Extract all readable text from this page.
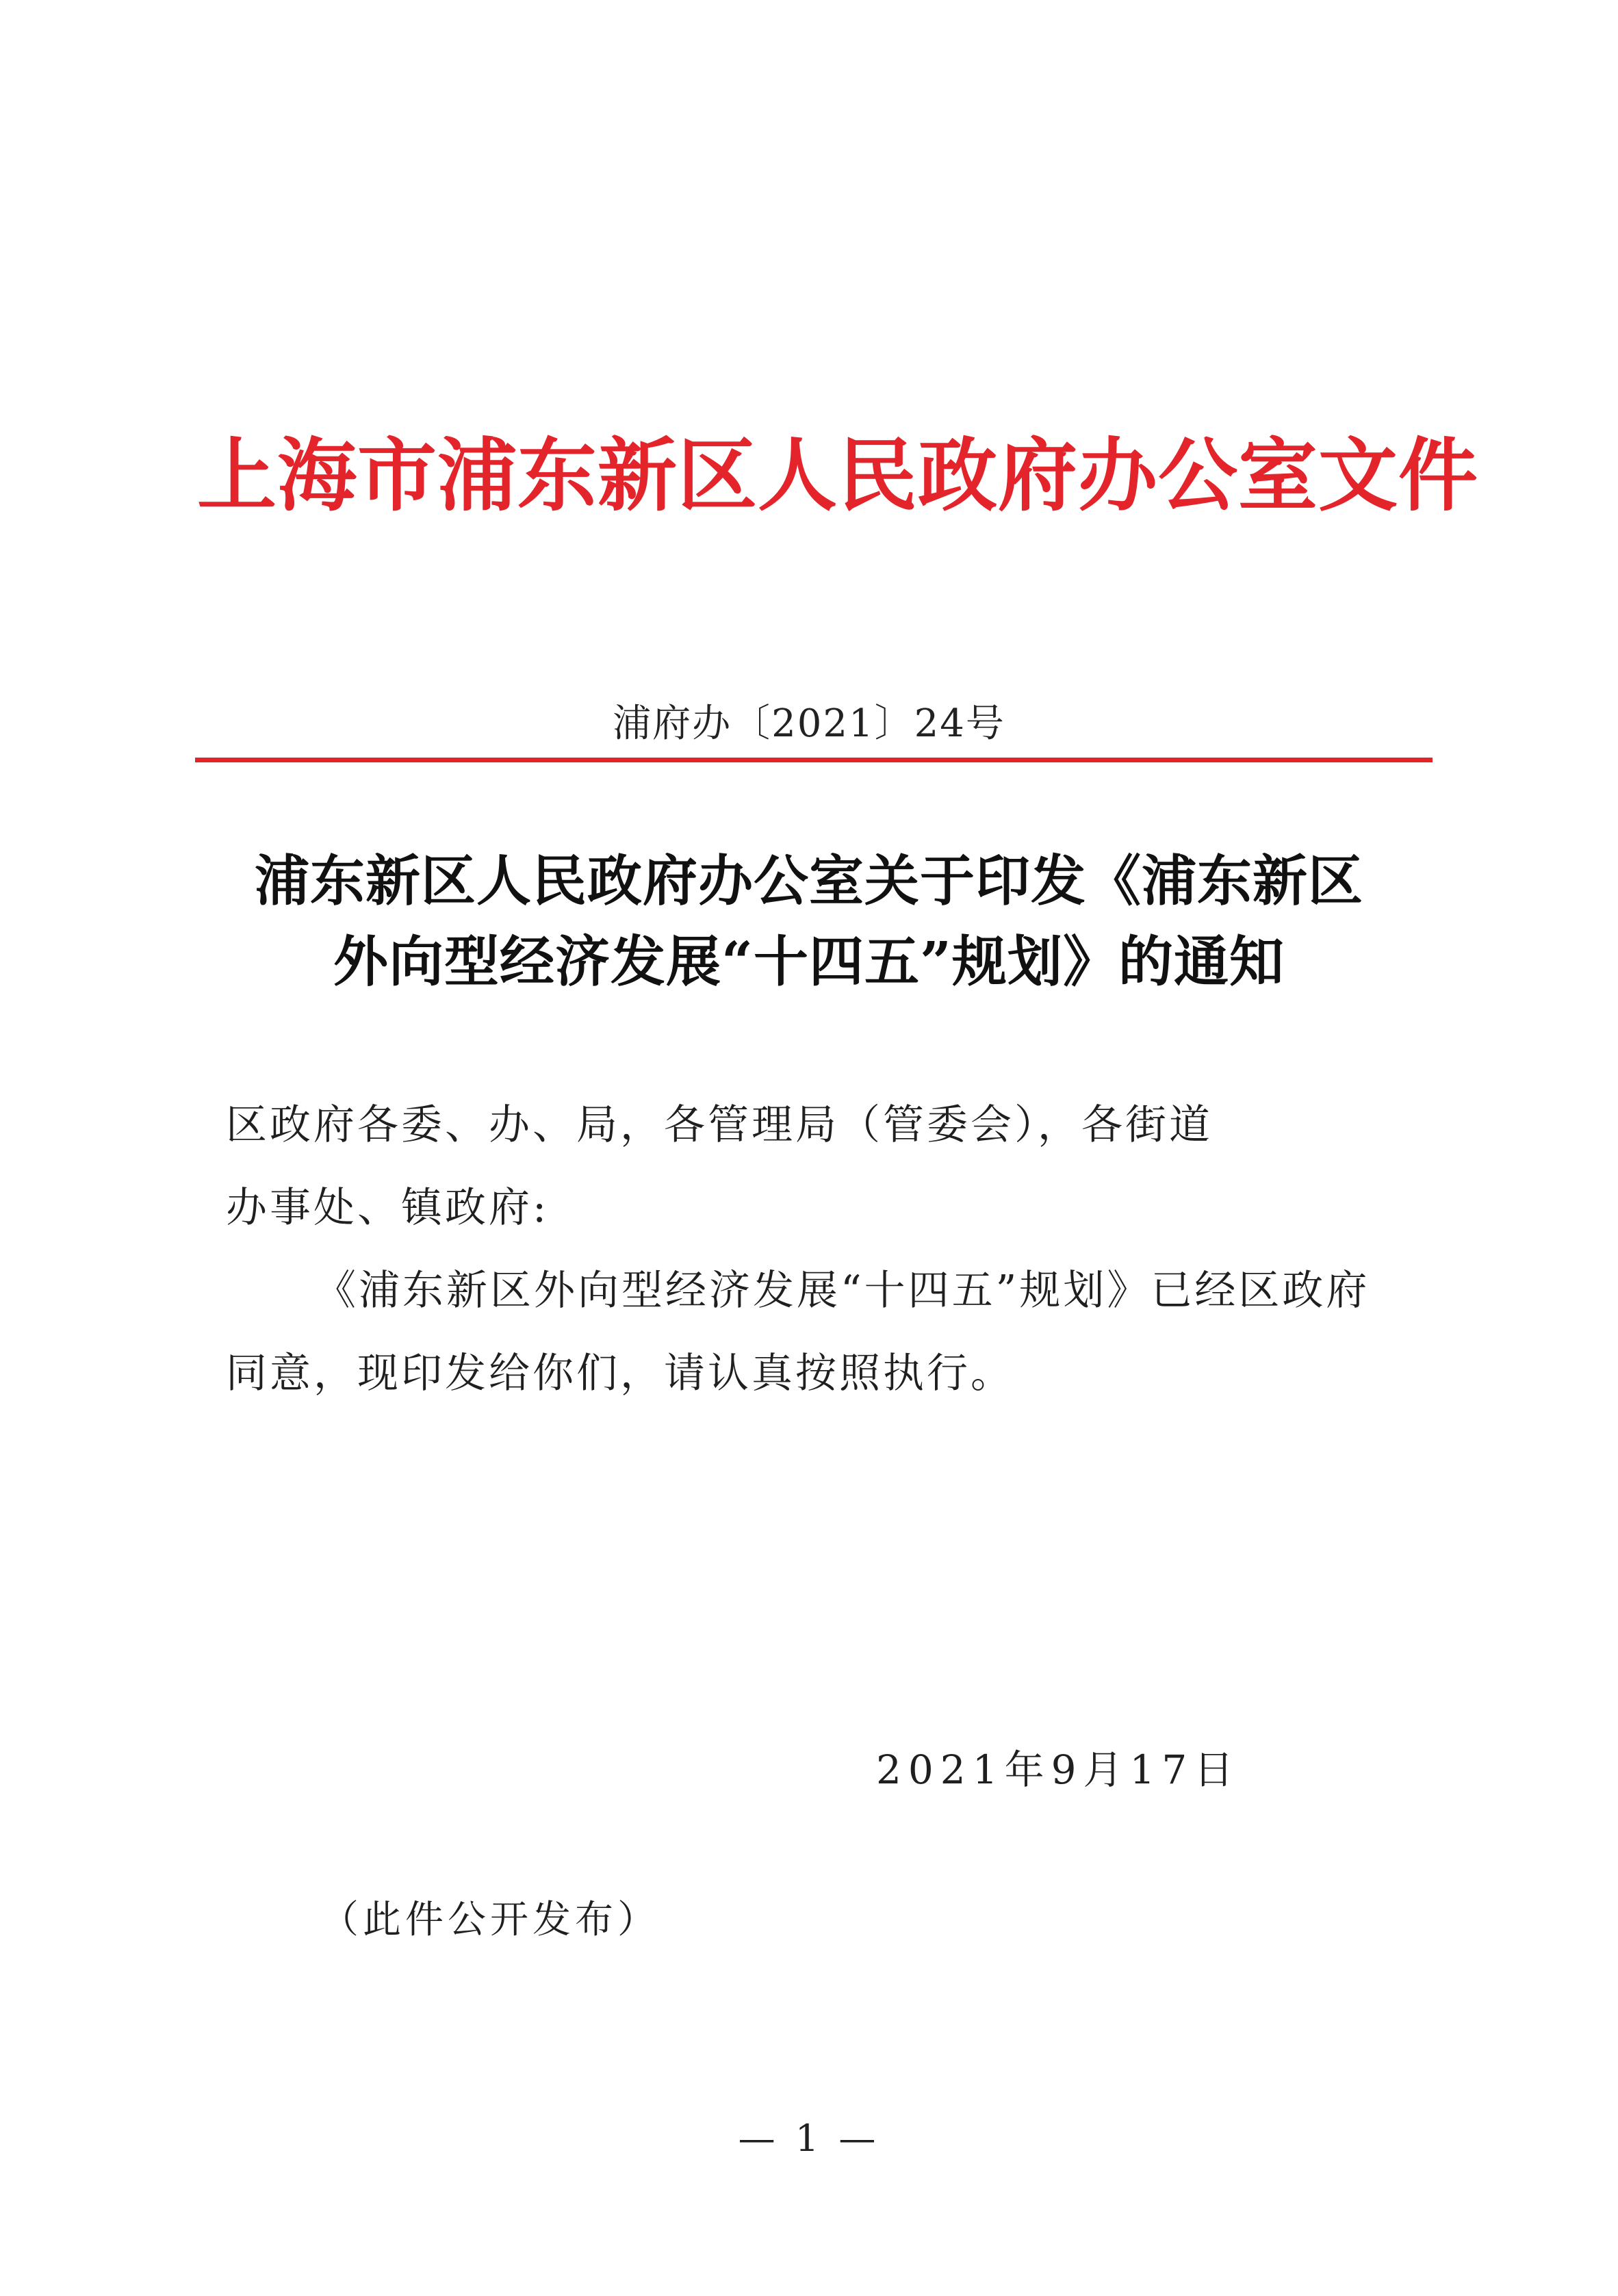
上海市浦东新区人民政府办公室文件
浦府办〔2021〕24号
浦东新区人民政府办公室关于印发《浦东新区
外向型经济发展“十四五”规划》的通知
区政府各委、办、局，各管理局（管委会），各街道
办事处、镇政府:
《浦东新区外向型经济发展“十四五”规划》已经区政府
同意，现印发给你们，请认真按照执行。
2021年9月17日
（此件公开发布）
— 1 —
